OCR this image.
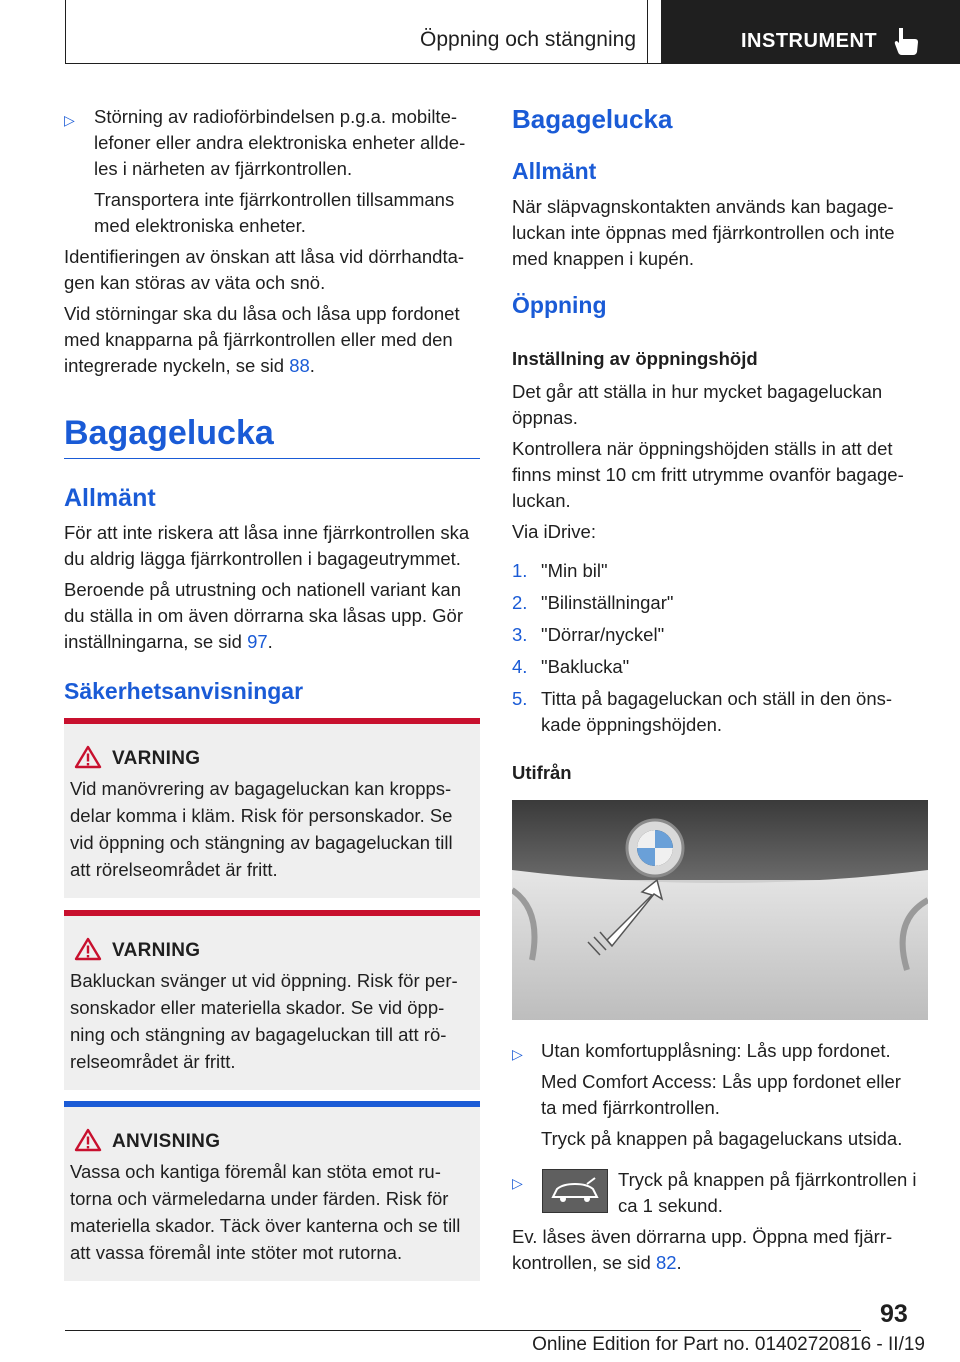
Öppning och stängning	INSTRUMENT
▷ Störning av radioförbindelsen p.g.a. mobilte-
lefoner eller andra elektroniska enheter allde-
les i närheten av fjärrkontrollen.
Transportera inte fjärrkontrollen tillsammans
med elektroniska enheter.
Identifieringen av önskan att låsa vid dörrhandta-
gen kan störas av väta och snö.
Vid störningar ska du låsa och låsa upp fordonet
med knapparna på fjärrkontrollen eller med den
integrerade nyckeln, se sid 88.
Bagagelucka
Allmänt
För att inte riskera att låsa inne fjärrkontrollen ska
du aldrig lägga fjärrkontrollen i bagageutrymmet.
Beroende på utrustning och nationell variant kan
du ställa in om även dörrarna ska låsas upp. Gör
inställningarna, se sid 97.
Säkerhetsanvisningar
VARNING
Vid manövrering av bagageluckan kan kropps-
delar komma i kläm. Risk för personskador. Se
vid öppning och stängning av bagageluckan till
att rörelseområdet är fritt.
VARNING
Bakluckan svänger ut vid öppning. Risk för per-
sonskador eller materiella skador. Se vid öpp-
ning och stängning av bagageluckan till att rö-
relseområdet är fritt.
ANVISNING
Vassa och kantiga föremål kan stöta emot ru-
torna och värmeledarna under färden. Risk för
materiella skador. Täck över kanterna och se till
att vassa föremål inte stöter mot rutorna.
Bagagelucka
Allmänt
När släpvagnskontakten används kan bagage-
luckan inte öppnas med fjärrkontrollen och inte
med knappen i kupén.
Öppning
Inställning av öppningshöjd
Det går att ställa in hur mycket bagageluckan
öppnas.
Kontrollera när öppningshöjden ställs in att det
finns minst 10 cm fritt utrymme ovanför bagage-
luckan.
Via iDrive:
1. "Min bil"
2. "Bilinställningar"
3. "Dörrar/nyckel"
4. "Baklucka"
5. Titta på bagageluckan och ställ in den öns-
kade öppningshöjden.
Utifrån
▷ Utan komfortupplåsning: Lås upp fordonet.
Med Comfort Access: Lås upp fordonet eller
ta med fjärrkontrollen.
Tryck på knappen på bagageluckans utsida.
▷	Tryck på knappen på fjärrkontrollen i
ca 1 sekund.
Ev. låses även dörrarna upp. Öppna med fjärr-
kontrollen, se sid 82.
93
Online Edition for Part no. 01402720816 - II/19
